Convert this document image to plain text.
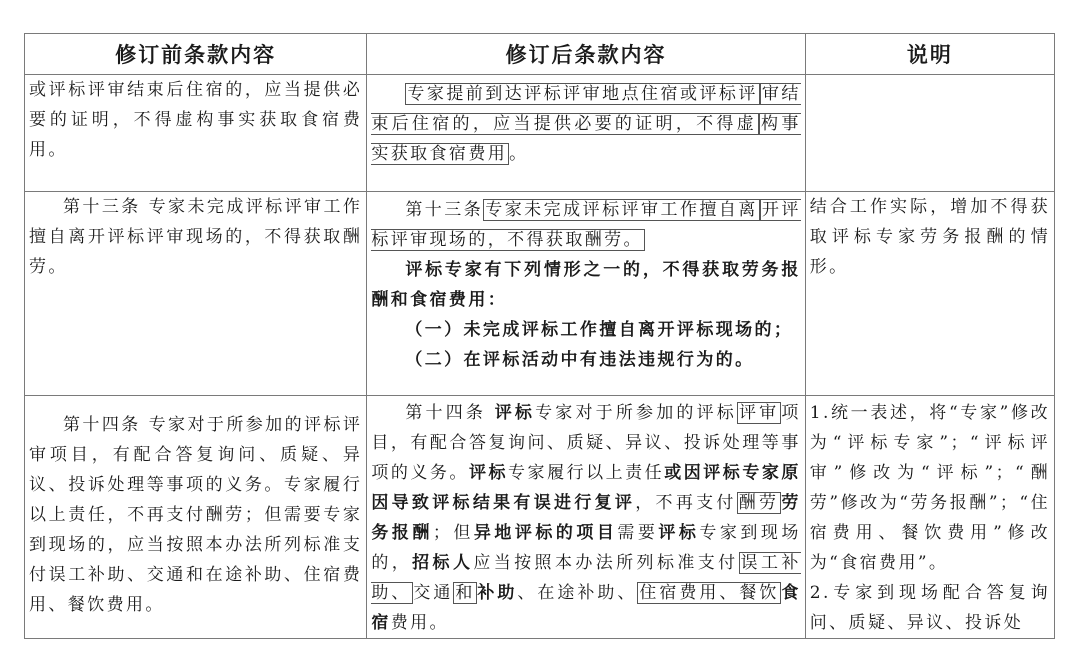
修订前条款内容	修订后条款内容	说明

或评标评审结束后住宿的，应当提供必要的证明，不得虚构事实获取食宿费用。	专家提前到达评标评审地点住宿或评标评 审结束后住宿的，应当提供必要的证明，不得虚 构事实获取食宿费用 。	

第十三条 专家未完成评标评审工作擅自离开评标评审现场的，不得获取酬劳。	第十三条 专家未完成评标评审工作擅自离 开评标评审现场的，不得获取酬劳。

评标专家有下列情形之一的，不得获取劳务报酬和食宿费用：

（一）未完成评标工作擅自离开评标现场的；

（二）在评标活动中有违法违规行为的。	结合工作实际，增加不得获取评标专家劳务报酬的情形。

第十四条 专家对于所参加的评标评审项目，有配合答复询问、质疑、异议、投诉处理等事项的义务。专家履行以上责任，不再支付酬劳；但需要专家到现场的，应当按照本办法所列标准支付误工补助、交通和在途补助、住宿费用、餐饮费用。	第十四条 评标专家对于所参加的评标 评审 项目，有配合答复询问、质疑、异议、投诉处理等事项的义务。评标专家履行以上责任或因评标专家原因导致评标结果有误进行复评，不再支付 酬劳 劳务报酬；但异地评标的项目需要评标专家到现场的，招标人应当按照本办法所列标准支付 误工补助、 交通 和 补助、在途补助、 住宿费用、餐饮 食宿费用。	1.统一表述，将“专家”修改为“评标专家”；“评标评审”修改为“评标”；“酬劳”修改为“劳务报酬”；“住宿费用、餐饮费用”修改为“食宿费用”。

2.专家到现场配合答复询问、质疑、异议、投诉处
